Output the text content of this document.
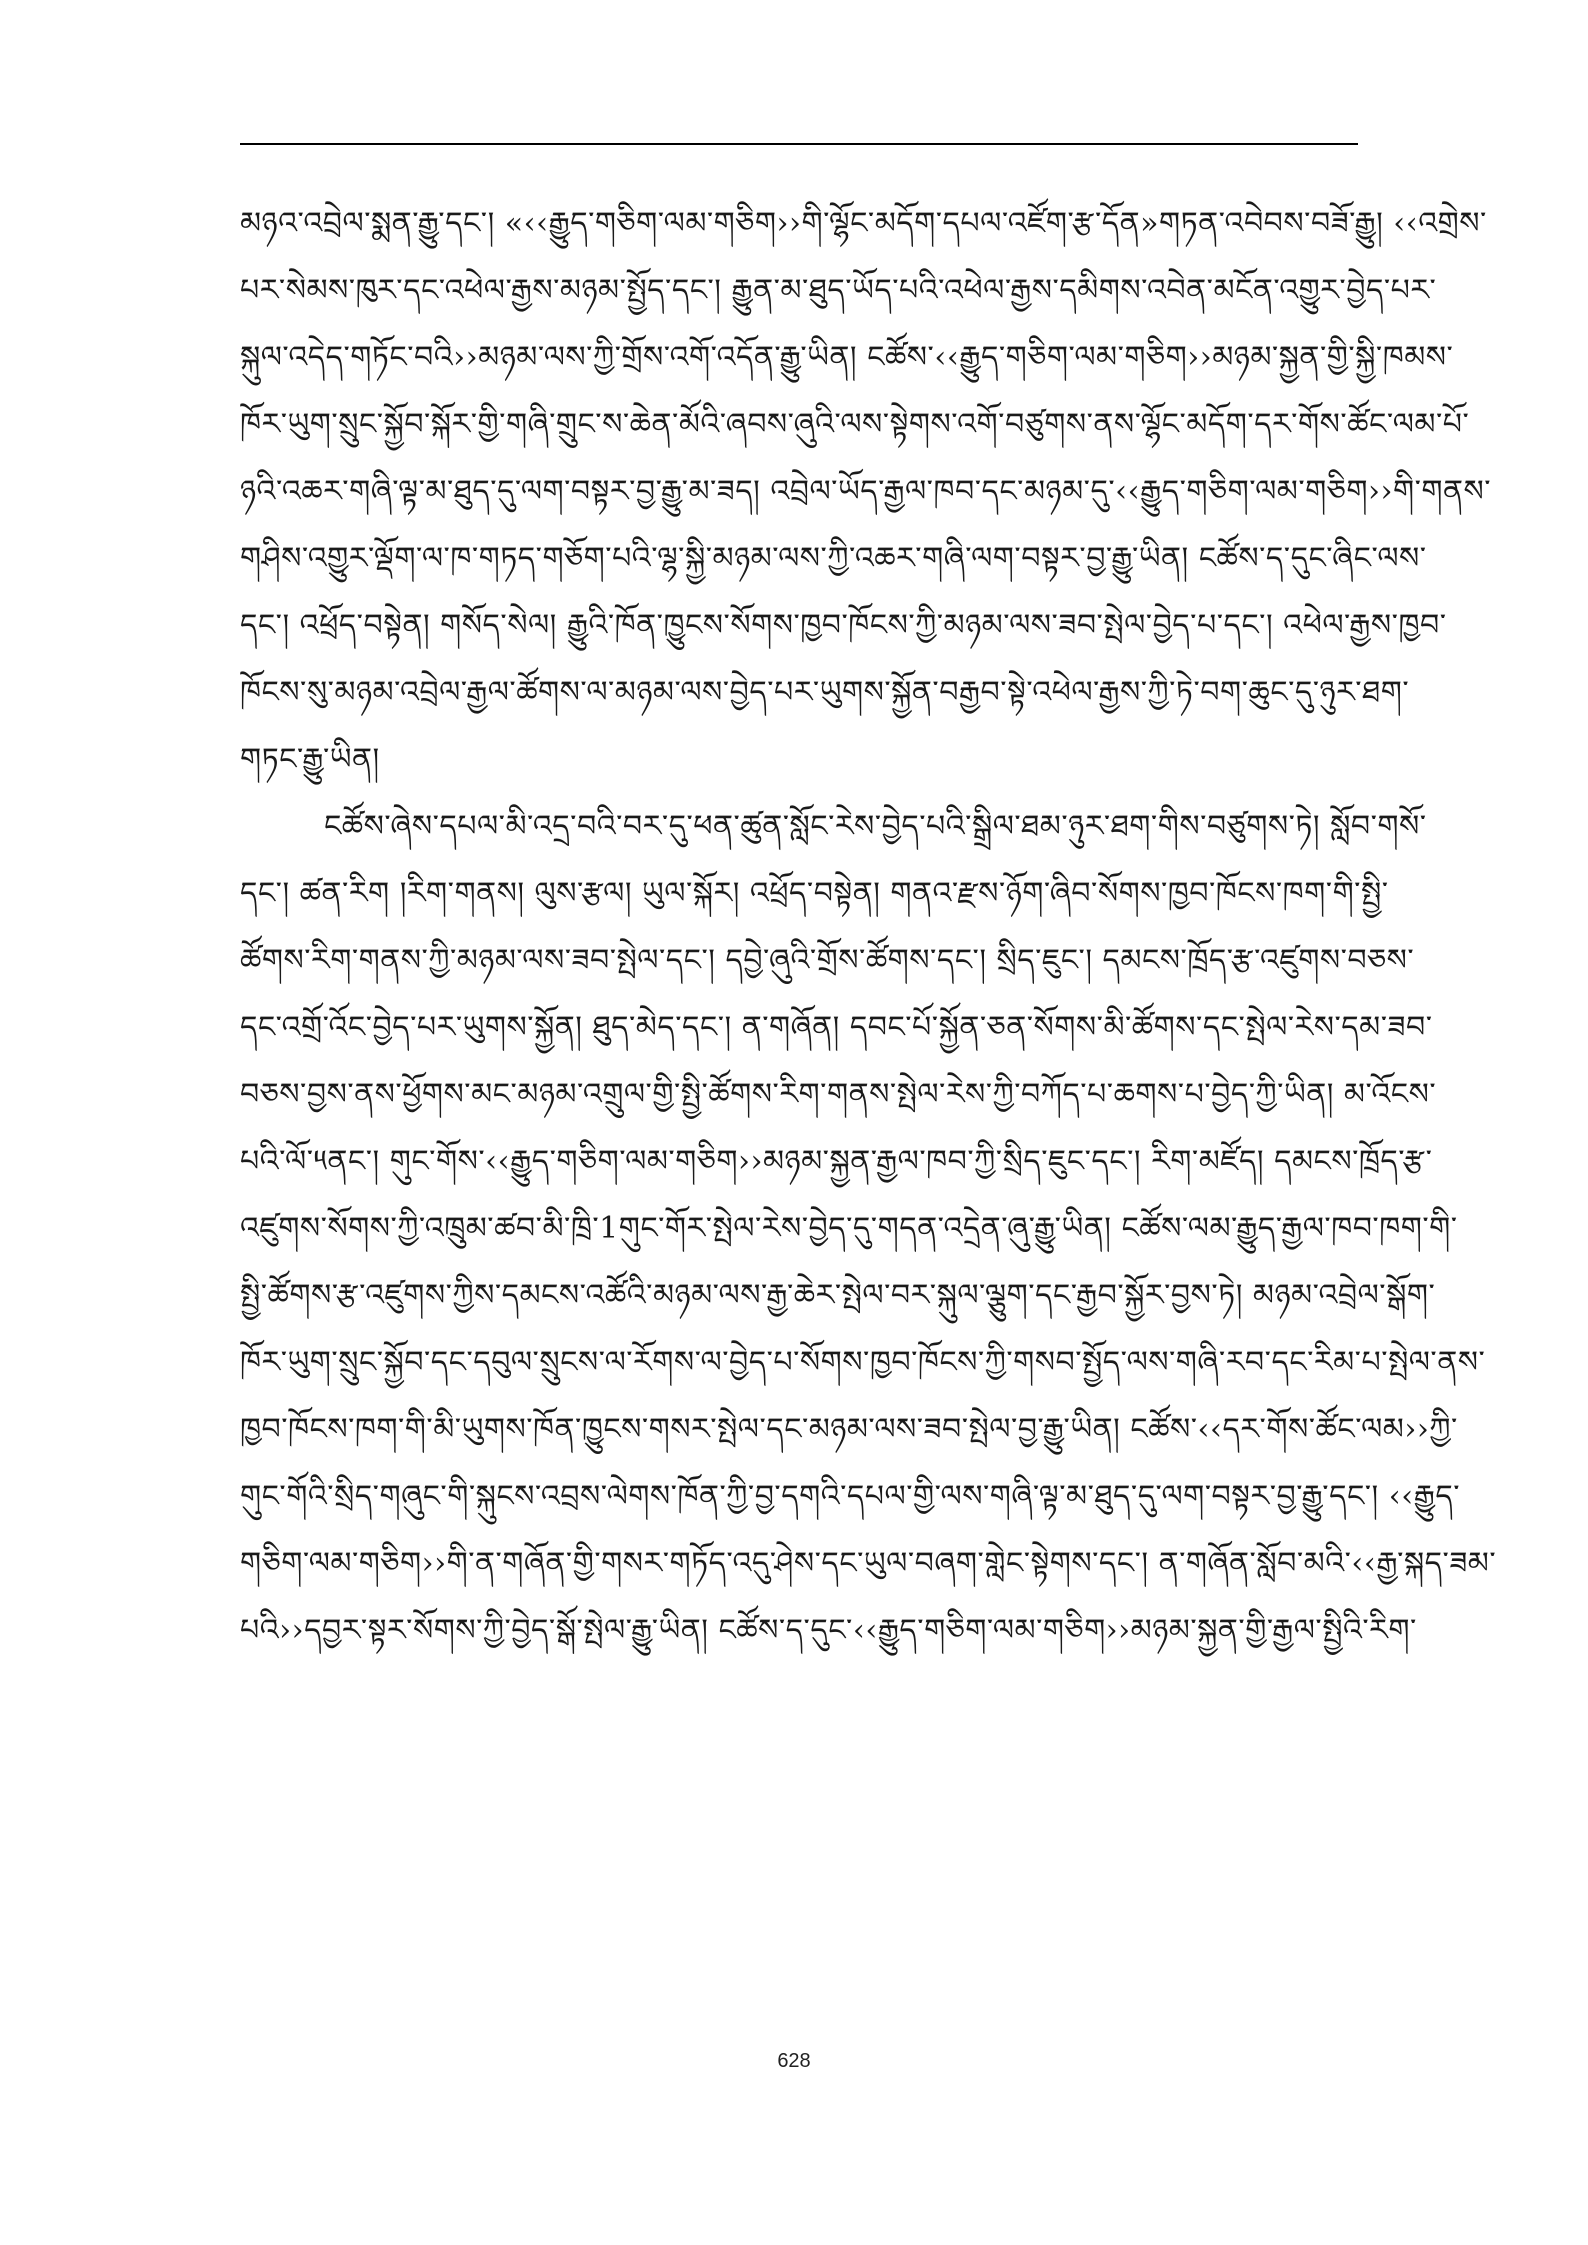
མཉའ་འབྲེལ་སྨན་རྒྱུ་དང་། «‹‹རྒྱུད་གཅིག་ལམ་གཅིག››གི་ལྷོང་མདོག་དཔལ་འཛོག་རྩ་དོན»གཏན་འབེབས་བཟོ་རྒྱུ། ‹‹འགྲེས་
པར་སེམས་ཁུར་དང་འཕེལ་རྒྱས་མཉམ་སྤྱོད་དང་། རྒྱུན་མ་ཐུད་ཡོད་པའི་འཕེལ་རྒྱས་དམིགས་འབེན་མངོན་འགྱུར་བྱེད་པར་
སྐུལ་འདེད་གཏོང་བའི››མཉམ་ལས་ཀྱི་གྲོས་འགོ་འདོན་རྒྱུ་ཡིན། ངཚོས་‹‹རྒྱུད་གཅིག་ལམ་གཅིག››མཉམ་སྐྱན་གྱི་སྐྱི་ཁམས་
ཁོར་ཡུག་སྲུང་སྐྱོབ་སྐོར་གྱི་གཞི་གྲུང་ས་ཆེན་མོའི་ཞབས་ཞུའི་ལས་སྟེགས་འགོ་བཙུགས་ནས་ལྷོང་མདོག་དར་གོས་ཚོང་ལམ་པོ་
ཉའི་འཆར་གཞི་ལྟ་མ་ཐུད་དུ་ལག་བསྟར་བྱ་རྒྱུ་མ་ཟད། འབྲེལ་ཡོད་རྒྱལ་ཁབ་དང་མཉམ་དུ་‹‹རྒྱུད་གཅིག་ལམ་གཅིག››གི་གནས་
གཤིས་འགྱུར་ལྡོག་ལ་ཁ་གཏད་གཅོག་པའི་ལྷ་སྐྱི་མཉམ་ལས་ཀྱི་འཆར་གཞི་ལག་བསྟར་བྱ་རྒྱུ་ཡིན། ངཚོས་ད་དུང་ཞིང་ལས་
དང་། འཕྲོད་བསྟེན། གསོད་སེལ། རྒྱུའི་ཁོན་ཁྱུངས་སོགས་ཁྱབ་ཁོངས་ཀྱི་མཉམ་ལས་ཟབ་སྤེལ་བྱེད་པ་དང་། འཕེལ་རྒྱས་ཁྱབ་
ཁོངས་སུ་མཉམ་འབྲེལ་རྒྱལ་ཚོགས་ལ་མཉམ་ལས་བྱེད་པར་ཡུགས་སྐྱོན་བརྒྱབ་སྟེ་འཕེལ་རྒྱས་ཀྱི་ཏེ་བག་ཆུང་དུ་ཉུར་ཐག་
གཏང་རྒྱུ་ཡིན།
ངཚོས་ཞེས་དཔལ་མི་འདྲ་བའི་བར་དུ་ཕན་ཚུན་སློང་རེས་བྱེད་པའི་སྒྲིལ་ཐམ་ཉུར་ཐག་གིས་བཙུགས་ཏེ། སློབ་གསོ་
དང་། ཚན་རིག །རིག་གནས། ལུས་རྩལ། ཡུལ་སྐོར། འཕྲོད་བསྟེན། གནའ་རྫས་ཉོག་ཞིབ་སོགས་ཁྱབ་ཁོངས་ཁག་གི་སྤྱི་
ཚོགས་རིག་གནས་ཀྱི་མཉམ་ལས་ཟབ་སྤེལ་དང་། དབྱེ་ཞུའི་གྲོས་ཚོགས་དང་། སྲིད་ཇུང་། དམངས་ཁྲོད་རྩ་འཛུགས་བཅས་
དང་འགྲོ་འོང་བྱེད་པར་ཡུགས་སྐྱོན། ཐུད་མེད་དང་། ན་གཞོན། དབང་པོ་སྐྱོན་ཅན་སོགས་མི་ཚོགས་དང་སྤེལ་རེས་དམ་ཟབ་
བཅས་བྱས་ནས་ཕྱོགས་མང་མཉམ་འགྲུལ་གྱི་སྤྱི་ཚོགས་རིག་གནས་སྤེལ་རེས་ཀྱི་བཀོད་པ་ཆགས་པ་བྱེད་ཀྱི་ཡིན། མ་འོངས་
པའི་ལོ་༥ནང་། གུང་གོས་‹‹རྒྱུད་གཅིག་ལམ་གཅིག››མཉམ་སྐྱན་རྒྱལ་ཁབ་ཀྱི་སྲིད་ཇུང་དང་། རིག་མཛོད། དམངས་ཁྲོད་རྩ་
འཛུགས་སོགས་ཀྱི་འཁྲུམ་ཚབ་མི་ཁྲི་1གུང་གོར་སྤེལ་རེས་བྱེད་དུ་གདན་འདྲེན་ཞུ་རྒྱུ་ཡིན། ངཚོས་ལམ་རྒྱུད་རྒྱལ་ཁབ་ཁག་གི་
སྤྱི་ཚོགས་རྩ་འཛུགས་ཀྱིས་དམངས་འཚོའི་མཉམ་ལས་རྒྱ་ཆེར་སྤེལ་བར་སྐུལ་ལྕུག་དང་རྒྱབ་སྐྱོར་བྱས་ཏེ། མཉམ་འབྲེལ་སྒོག་
ཁོར་ཡུག་སྲུང་སྐྱོབ་དང་དབུལ་སྲུངས་ལ་རོགས་ལ་བྱེད་པ་སོགས་ཁྱབ་ཁོངས་ཀྱི་གསབ་སྤྱོད་ལས་གཞི་རབ་དང་རིམ་པ་སྤེལ་ནས་
ཁྱབ་ཁོངས་ཁག་གི་མི་ཡུགས་ཁོན་ཁྱུངས་གསར་སྤེལ་དང་མཉམ་ལས་ཟབ་སྤེལ་བྱ་རྒྱུ་ཡིན། ངཚོས་‹‹དར་གོས་ཚོང་ལམ››ཀྱི་
གུང་གོའི་སྲིད་གཞུང་གི་སྐུངས་འབྲས་ལེགས་ཁོན་ཀྱི་བྱ་དགའི་དཔལ་གྱི་ལས་གཞི་ལྟ་མ་ཐུད་དུ་ལག་བསྟར་བྱ་རྒྱུ་དང་། ‹‹རྒྱུད་
གཅིག་ལམ་གཅིག››གི་ན་གཞོན་གྱི་གསར་གཏོད་འདུ་ཤེས་དང་ཡུལ་བཞག་གླེང་སྟེགས་དང་། ན་གཞོན་སློབ་མའི་‹‹རྒྱ་སྐད་ཟམ་
པའི››དབྱར་སྟར་སོགས་ཀྱི་བྱེད་སྒོ་སྤེལ་རྒྱུ་ཡིན། ངཚོས་ད་དུང་‹‹རྒྱུད་གཅིག་ལམ་གཅིག››མཉམ་སྐྱན་གྱི་རྒྱལ་སྤྱིའི་རིག་
628
